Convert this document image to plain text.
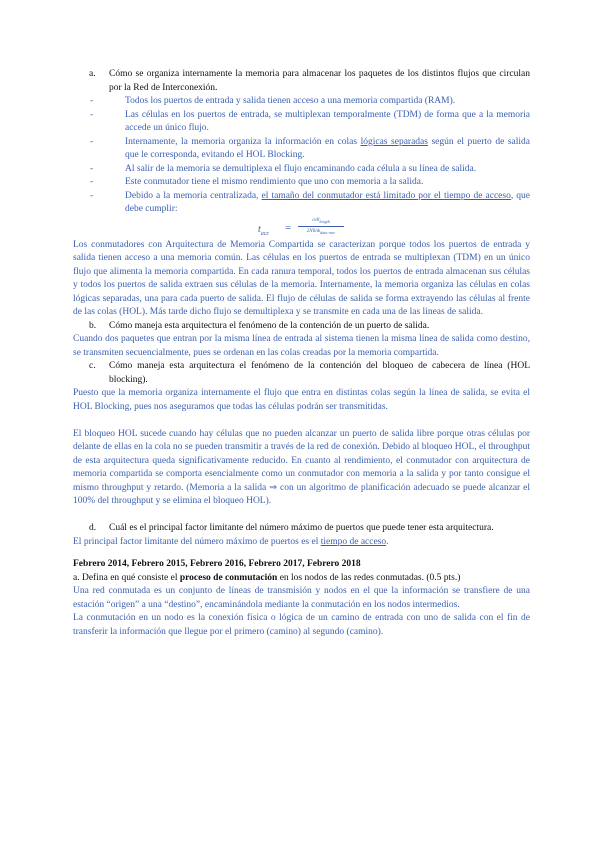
a.	Cómo se organiza internamente la memoria para almacenar los paquetes de los distintos flujos que circulan por la Red de Interconexión.
-	Todos los puertos de entrada y salida tienen acceso a una memoria compartida (RAM).
-	Las células en los puertos de entrada, se multiplexan temporalmente (TDM) de forma que a la memoria accede un único flujo.
-	Internamente, la memoria organiza la información en colas lógicas separadas según el puerto de salida que le corresponda, evitando el HOL Blocking.
-	Al salir de la memoria se demultiplexa el flujo encaminando cada célula a su línea de salida.
-	Este conmutador tiene el mismo rendimiento que uno con memoria a la salida.
-	Debido a la memoria centralizada, el tamaño del conmutador está limitado por el tiempo de acceso, que debe cumplir:
$t_{acc}$ =
cell$_{length}$
2Nlink$_{data rate}$

Los conmutadores con Arquitectura de Memoria Compartida se caracterizan porque todos los puertos de entrada y salida tienen acceso a una memoria común. Las células en los puertos de entrada se multiplexan (TDM) en un único flujo que alimenta la memoria compartida. En cada ranura temporal, todos los puertos de entrada almacenan sus células y todos los puertos de salida extraen sus células de la memoria. Internamente, la memoria organiza las células en colas lógicas separadas, una para cada puerto de salida. El flujo de células de salida se forma extrayendo las células al frente de las colas (HOL). Más tarde dicho flujo se demultiplexa y se transmite en cada una de las líneas de salida.

b.	Cómo maneja esta arquitectura el fenómeno de la contención de un puerto de salida.

Cuando dos paquetes que entran por la misma línea de entrada al sistema tienen la misma línea de salida como destino, se transmiten secuencialmente, pues se ordenan en las colas creadas por la memoria compartida.

c.	Cómo maneja esta arquitectura el fenómeno de la contención del bloqueo de cabecera de línea (HOL blocking).

Puesto que la memoria organiza internamente el flujo que entra en distintas colas según la línea de salida, se evita el HOL Blocking, pues nos aseguramos que todas las células podrán ser transmitidas.

El bloqueo HOL sucede cuando hay células que no pueden alcanzar un puerto de salida libre porque otras células por delante de ellas en la cola no se pueden transmitir a través de la red de conexión. Debido al bloqueo HOL, el throughput de esta arquitectura queda significativamente reducido. En cuanto al rendimiento, el conmutador con arquitectura de memoria compartida se comporta esencialmente como un conmutador con memoria a la salida y por tanto consigue el mismo throughput y retardo. (Memoria a la salida ⇒ con un algoritmo de planificación adecuado se puede alcanzar el 100% del throughput y se elimina el bloqueo HOL).

d.	Cuál es el principal factor limitante del número máximo de puertos que puede tener esta arquitectura.

El principal factor limitante del número máximo de puertos es el tiempo de acceso.

Febrero 2014, Febrero 2015, Febrero 2016, Febrero 2017, Febrero 2018

a. Defina en qué consiste el proceso de conmutación en los nodos de las redes conmutadas. (0.5 pts.)

Una red conmutada es un conjunto de líneas de transmisión y nodos en el que la información se transfiere de una estación “origen” a una “destino”, encaminándola mediante la conmutación en los nodos intermedios.

La conmutación en un nodo es la conexión física o lógica de un camino de entrada con uno de salida con el fin de transferir la información que llegue por el primero (camino) al segundo (camino).
